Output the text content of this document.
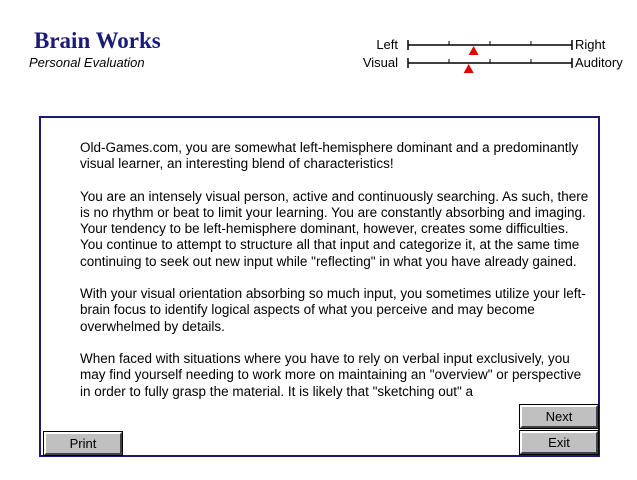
Brain Works
Personal Evaluation
Left	Right
Visual	Auditory

Old-Games.com, you are somewhat left-hemisphere dominant and a predominantly visual learner, an interesting blend of characteristics!

You are an intensely visual person, active and continuously searching. As such, there is no rhythm or beat to limit your learning. You are constantly absorbing and imaging. Your tendency to be left-hemisphere dominant, however, creates some difficulties. You continue to attempt to structure all that input and categorize it, at the same time continuing to seek out new input while "reflecting" in what you have already gained.

With your visual orientation absorbing so much input, you sometimes utilize your left-brain focus to identify logical aspects of what you perceive and may become overwhelmed by details.

When faced with situations where you have to rely on verbal input exclusively, you may find yourself needing to work more on maintaining an "overview" or perspective in order to fully grasp the material. It is likely that "sketching out" a

Print
Next
Exit
